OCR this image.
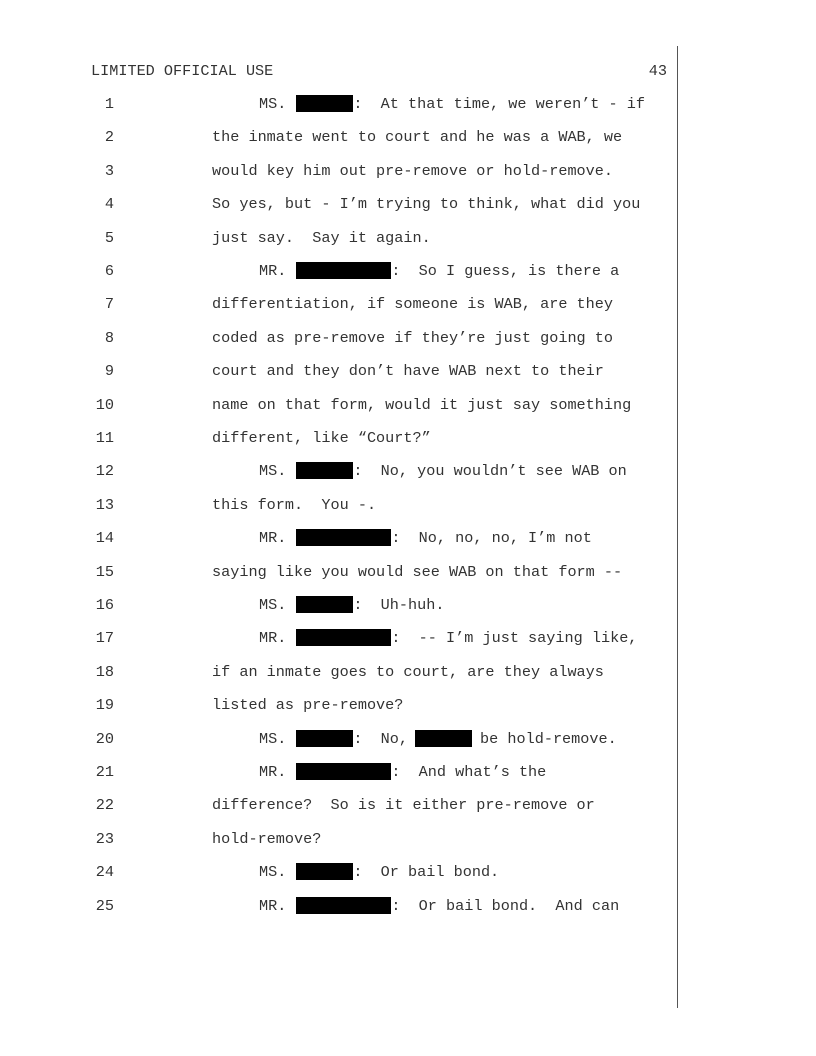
LIMITED OFFICIAL USE	43
1	MS.	:  At that time, we weren’t - if
2	the inmate went to court and he was a WAB, we
3	would key him out pre-remove or hold-remove.
4	So yes, but - I’m trying to think, what did you
5	just say.  Say it again.
6	MR.	:  So I guess, is there a
7	differentiation, if someone is WAB, are they
8	coded as pre-remove if they’re just going to
9	court and they don’t have WAB next to their
10	name on that form, would it just say something
11	different, like “Court?”
12	MS.	:  No, you wouldn’t see WAB on
13	this form.  You -.
14	MR.	:  No, no, no, I’m not
15	saying like you would see WAB on that form --
16	MS.	:  Uh-huh.
17	MR.	:  -- I’m just saying like,
18	if an inmate goes to court, are they always
19	listed as pre-remove?
20	MS.	:  No,	be hold-remove.
21	MR.	:  And what’s the
22	difference?  So is it either pre-remove or
23	hold-remove?
24	MS.	:  Or bail bond.
25	MR.	:  Or bail bond.  And can
